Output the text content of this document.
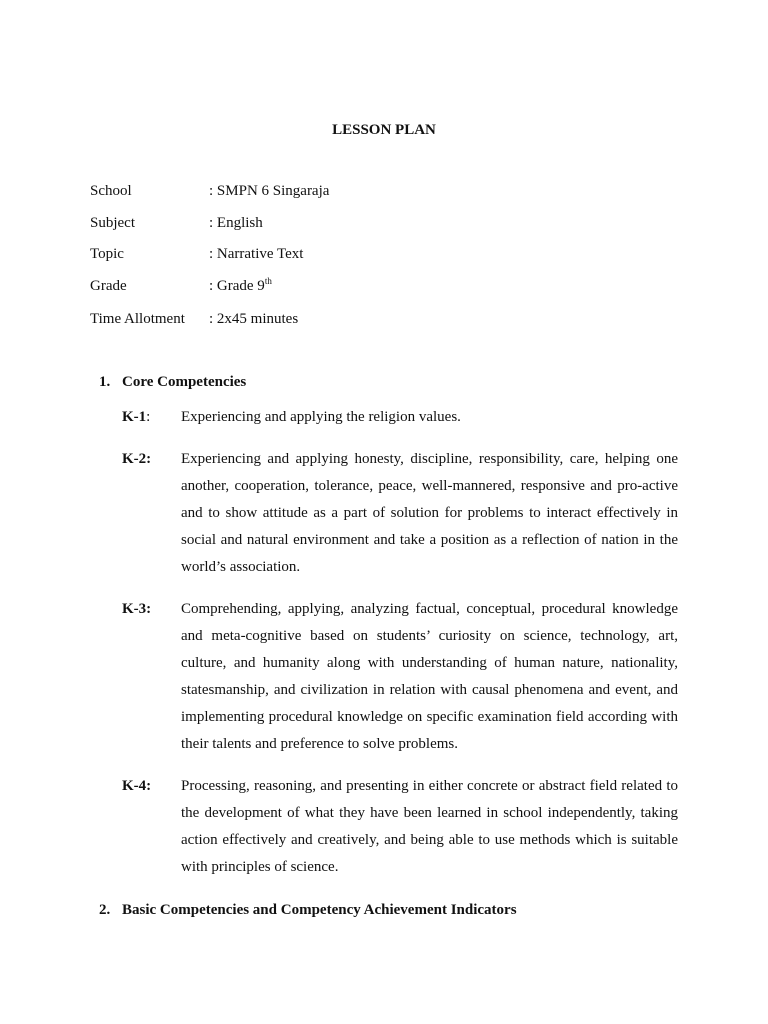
LESSON PLAN
School	: SMPN 6 Singaraja
Subject	: English
Topic	: Narrative Text
Grade	: Grade 9th
Time Allotment : 2x45 minutes
1. Core Competencies
K-1: Experiencing and applying the religion values.
K-2: Experiencing and applying honesty, discipline, responsibility, care, helping one another, cooperation, tolerance, peace, well-mannered, responsive and pro-active and to show attitude as a part of solution for problems to interact effectively in social and natural environment and take a position as a reflection of nation in the world’s association.
K-3: Comprehending, applying, analyzing factual, conceptual, procedural knowledge and meta-cognitive based on students’ curiosity on science, technology, art, culture, and humanity along with understanding of human nature, nationality, statesmanship, and civilization in relation with causal phenomena and event, and implementing procedural knowledge on specific examination field according with their talents and preference to solve problems.
K-4: Processing, reasoning, and presenting in either concrete or abstract field related to the development of what they have been learned in school independently, taking action effectively and creatively, and being able to use methods which is suitable with principles of science.
2. Basic Competencies and Competency Achievement Indicators
